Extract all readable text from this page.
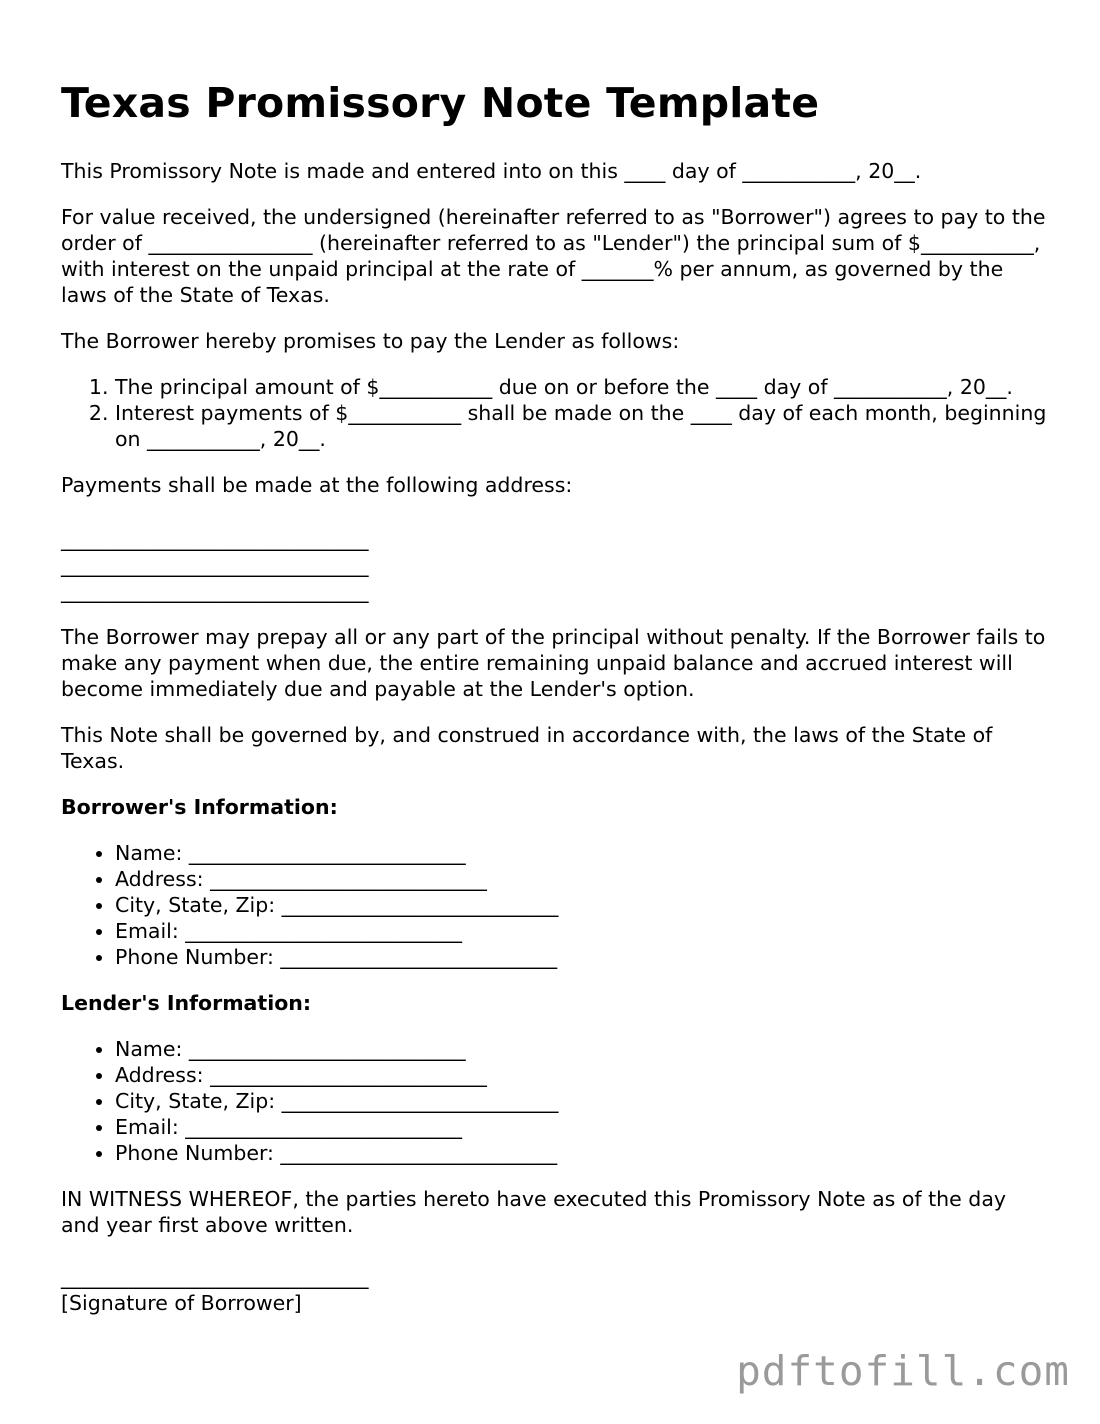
Texas Promissory Note Template

This Promissory Note is made and entered into on this ____ day of ___________, 20__.

For value received, the undersigned (hereinafter referred to as "Borrower") agrees to pay to the order of ________________ (hereinafter referred to as "Lender") the principal sum of $___________, with interest on the unpaid principal at the rate of _______% per annum, as governed by the laws of the State of Texas.

The Borrower hereby promises to pay the Lender as follows:

1. The principal amount of $___________ due on or before the ____ day of ___________, 20__.
2. Interest payments of $___________ shall be made on the ____ day of each month, beginning on ___________, 20__.

Payments shall be made at the following address:

______________________________
______________________________
______________________________

The Borrower may prepay all or any part of the principal without penalty. If the Borrower fails to make any payment when due, the entire remaining unpaid balance and accrued interest will become immediately due and payable at the Lender's option.

This Note shall be governed by, and construed in accordance with, the laws of the State of Texas.

Borrower's Information:

• Name: ___________________________
• Address: ___________________________
• City, State, Zip: ___________________________
• Email: ___________________________
• Phone Number: ___________________________

Lender's Information:

• Name: ___________________________
• Address: ___________________________
• City, State, Zip: ___________________________
• Email: ___________________________
• Phone Number: ___________________________

IN WITNESS WHEREOF, the parties hereto have executed this Promissory Note as of the day and year first above written.

______________________________
[Signature of Borrower]
pdftofill.com
